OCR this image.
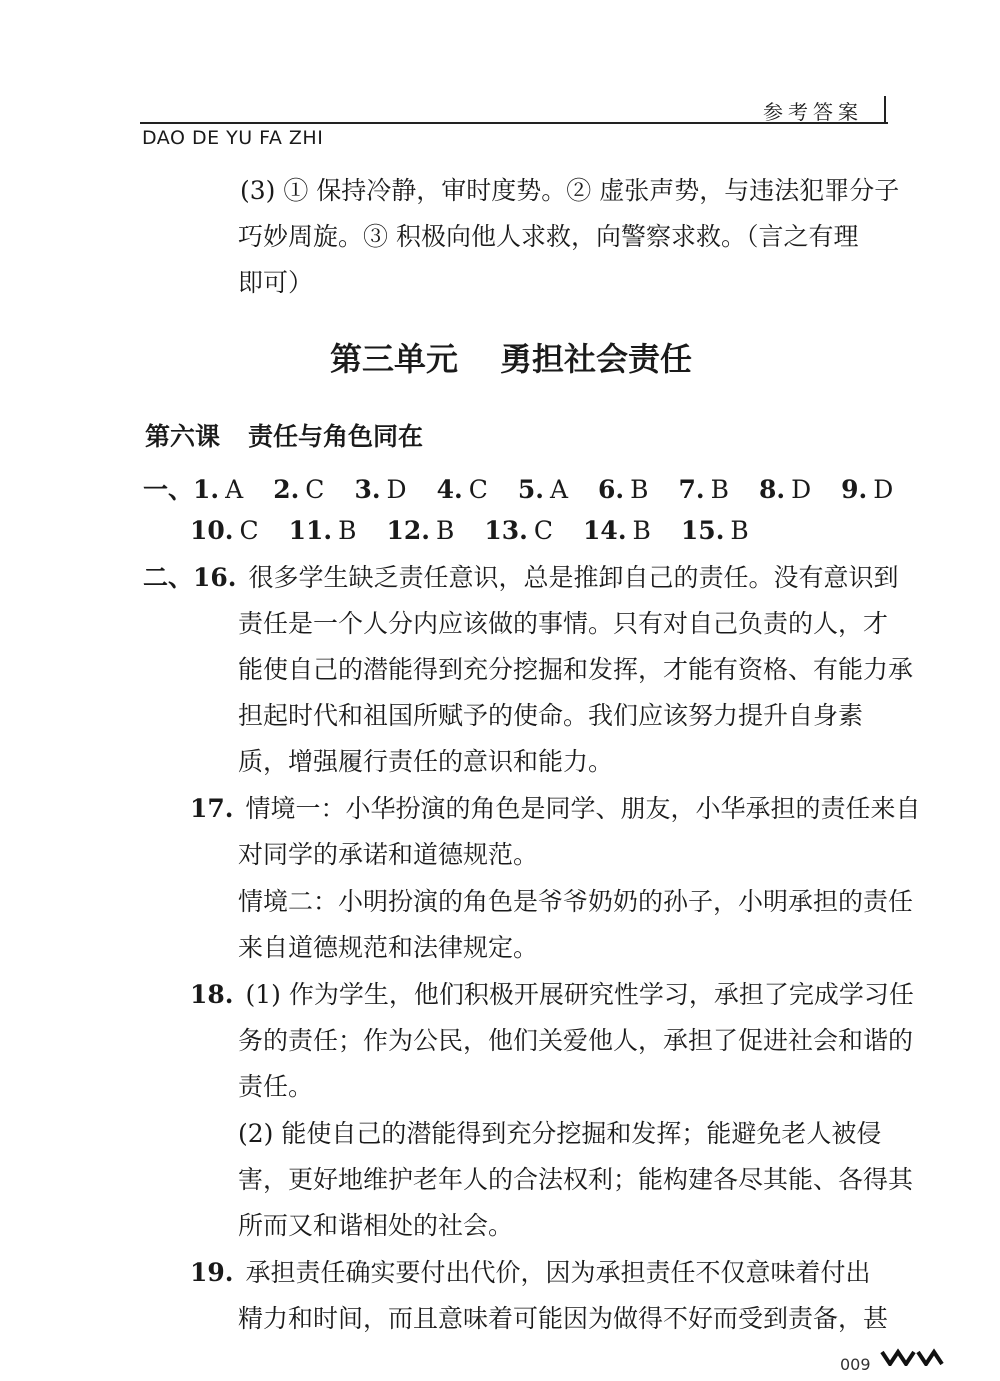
参考答案
DAO DE YU FA ZHI
(3) ① 保持冷静，审时度势。② 虚张声势，与违法犯罪分子
巧妙周旋。③ 积极向他人求救，向警察求救。（言之有理
即可）
第三单元 勇担社会责任
第六课 责任与角色同在
一、1. A 2. C 3. D 4. C 5. A 6. B 7. B 8. D 9. D
10. C 11. B 12. B 13. C 14. B 15. B
二、16. 很多学生缺乏责任意识，总是推卸自己的责任。没有意识到
责任是一个人分内应该做的事情。只有对自己负责的人，才
能使自己的潜能得到充分挖掘和发挥，才能有资格、有能力承
担起时代和祖国所赋予的使命。我们应该努力提升自身素
质，增强履行责任的意识和能力。
17. 情境一：小华扮演的角色是同学、朋友，小华承担的责任来自
对同学的承诺和道德规范。
情境二：小明扮演的角色是爷爷奶奶的孙子，小明承担的责任
来自道德规范和法律规定。
18. (1) 作为学生，他们积极开展研究性学习，承担了完成学习任
务的责任；作为公民，他们关爱他人，承担了促进社会和谐的
责任。
(2) 能使自己的潜能得到充分挖掘和发挥；能避免老人被侵
害，更好地维护老年人的合法权利；能构建各尽其能、各得其
所而又和谐相处的社会。
19. 承担责任确实要付出代价，因为承担责任不仅意味着付出
精力和时间，而且意味着可能因为做得不好而受到责备，甚
009
